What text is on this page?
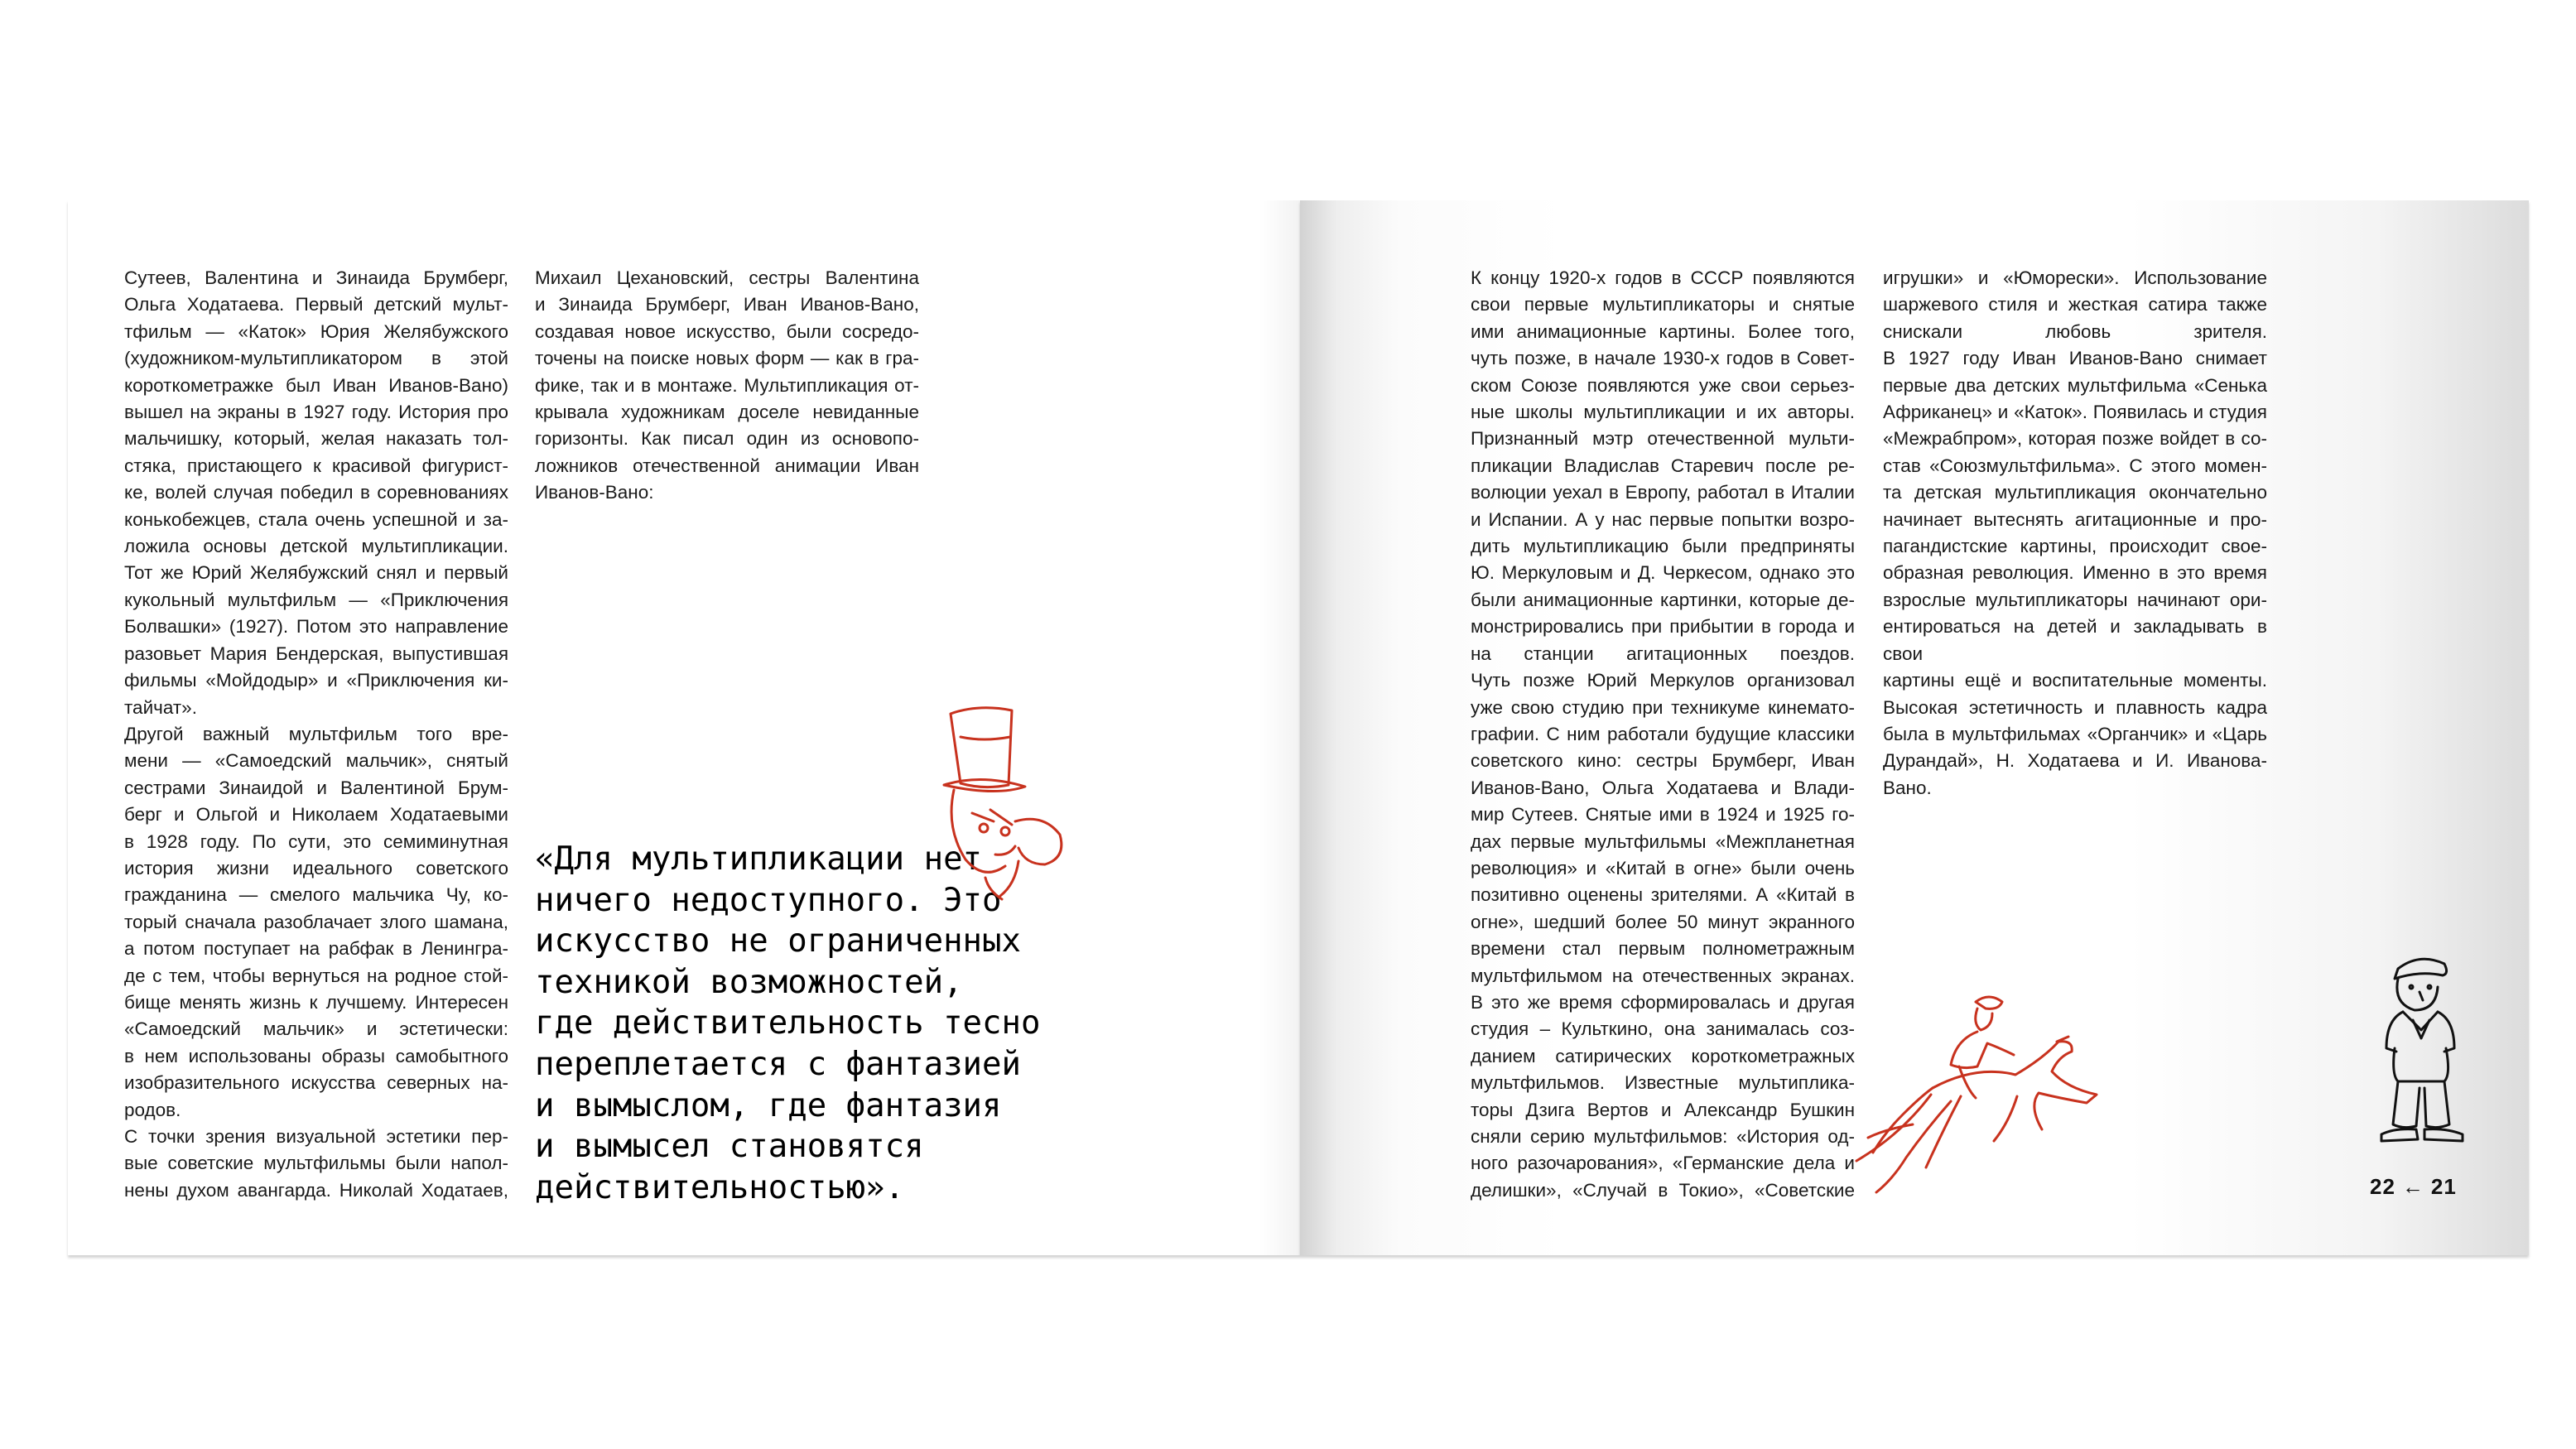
Сутеев, Валентина и Зинаида Брумберг,
Ольга Ходатаева. Первый детский мульт-
тфильм — «Каток» Юрия Желябужского
(художником-мультипликатором в этой
короткометражке был Иван Иванов-Вано)
вышел на экраны в 1927 году. История про
мальчишку, который, желая наказать тол-
стяка, пристающего к красивой фигурист-
ке, волей случая победил в соревнованиях
конькобежцев, стала очень успешной и за-
ложила основы детской мультипликации.
Тот же Юрий Желябужский снял и первый
кукольный мультфильм — «Приключения
Болвашки» (1927). Потом это направление
разовьет Мария Бендерская, выпустившая
фильмы «Мойдодыр» и «Приключения ки-
тайчат».
Другой важный мультфильм того вре-
мени — «Самоедский мальчик», снятый
сестрами Зинаидой и Валентиной Брум-
берг и Ольгой и Николаем Ходатаевыми
в 1928 году. По сути, это семиминутная
история жизни идеального советского
гражданина — смелого мальчика Чу, ко-
торый сначала разоблачает злого шамана,
а потом поступает на рабфак в Ленингра-
де с тем, чтобы вернуться на родное стой-
бище менять жизнь к лучшему. Интересен
«Самоедский мальчик» и эстетически:
в нем использованы образы самобытного
изобразительного искусства северных на-
родов.
С точки зрения визуальной эстетики пер-
вые советские мультфильмы были напол-
нены духом авангарда. Николай Ходатаев,
Михаил Цехановский, сестры Валентина
и Зинаида Брумберг, Иван Иванов-Вано,
создавая новое искусство, были сосредо-
точены на поиске новых форм — как в гра-
фике, так и в монтаже. Мультипликация от-
крывала художникам доселе невиданные
горизонты. Как писал один из основопо-
ложников отечественной анимации Иван
Иванов-Вано:
«Для мультипликации нет
ничего недоступного. Это
искусство не ограниченных
техникой возможностей,
где действительность тесно
переплетается с фантазией
и вымыслом, где фантазия
и вымысел становятся
действительностью».	22 ← 21
К концу 1920-х годов в СССР появляются
свои первые мультипликаторы и снятые
ими анимационные картины. Более того,
чуть позже, в начале 1930-х годов в Совет-
ском Союзе появляются уже свои серьез-
ные школы мультипликации и их авторы.
Признанный мэтр отечественной мульти-
пликации Владислав Старевич после ре-
волюции уехал в Европу, работал в Италии
и Испании. А у нас первые попытки возро-
дить мультипликацию были предприняты
Ю. Меркуловым и Д. Черкесом, однако это
были анимационные картинки, которые де-
монстрировались при прибытии в города и
на станции агитационных поездов.
Чуть позже Юрий Меркулов организовал
уже свою студию при техникуме кинемато-
графии. С ним работали будущие классики
советского кино: сестры Брумберг, Иван
Иванов-Вано, Ольга Ходатаева и Влади-
мир Сутеев. Снятые ими в 1924 и 1925 го-
дах первые мультфильмы «Межпланетная
революция» и «Китай в огне» были очень
позитивно оценены зрителями. А «Китай в
огне», шедший более 50 минут экранного
времени стал первым полнометражным
мультфильмом на отечественных экранах.
В это же время сформировалась и другая
студия – Культкино, она занималась соз-
данием сатирических короткометражных
мультфильмов. Известные мультиплика-
торы Дзига Вертов и Александр Бушкин
сняли серию мультфильмов: «История од-
ного разочарования», «Германские дела и
делишки», «Случай в Токио», «Советские
игрушки» и «Юморески». Использование
шаржевого стиля и жесткая сатира также
снискали любовь зрителя.
В 1927 году Иван Иванов-Вано снимает
первые два детских мультфильма «Сенька
Африканец» и «Каток». Появилась и студия
«Межрабпром», которая позже войдет в со-
став «Союзмультфильма». С этого момен-
та детская мультипликация окончательно
начинает вытеснять агитационные и про-
пагандистские картины, происходит свое-
образная революция. Именно в это время
взрослые мультипликаторы начинают ори-
ентироваться на детей и закладывать в свои
картины ещё и воспитательные моменты.
Высокая эстетичность и плавность кадра
была в мультфильмах «Органчик» и «Царь
Дурандай», Н. Ходатаева и И. Иванова-Вано.
